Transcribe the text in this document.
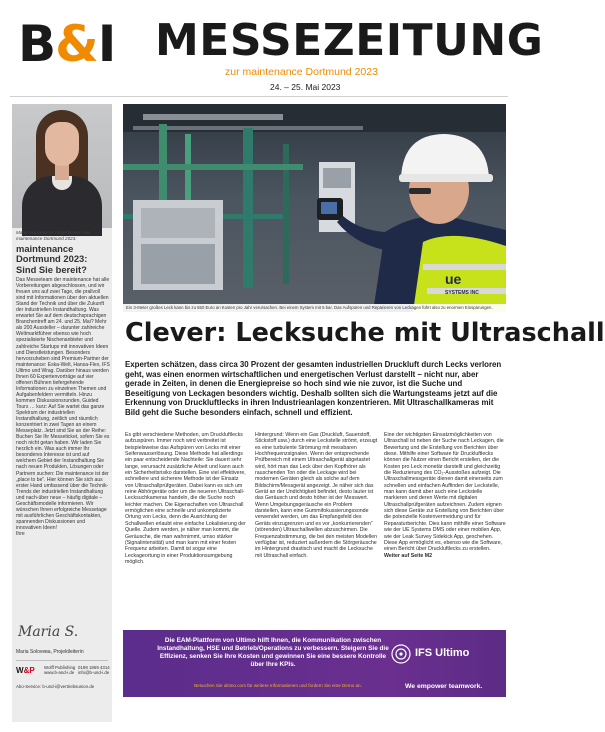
B&I MESSEZEITUNG
zur maintenance Dortmund 2023
24. – 25. Mai 2023
Maria Solovева ist Projektleiterin der maintenance Dortmund 2023.
maintenance Dortmund 2023: Sind Sie bereit?
Das Messeteam der maintenance hat alle Vorbereitungen abgeschlossen, und wir freuen uns auf zwei Tage, die prallvoll sind mit Informationen über den aktuellen Stand der Technik und über die Zukunft der industriellen Instandhaltung. Was erwartet Sie auf dem deutschsprachigen Branchentreff am 24. und 25. Mai? Mehr als 200 Aussteller – darunter zahlreiche Weltmarktführer ebenso wie hoch spezialisierte Nischenanbieter und zahlreiche Startups mit innovativen Ideen und Dienstleistungen. Besonders hervorzuheben sind Premium-Partner der maintenance: Eska-Welt, Hansa-Flex, IFS Ultimo und Wrag. Darüber hinaus werden Ihnen 60 Expertenvorträge auf vier offenen Bühnen tiefergehende Informationen zu einzelnen Themen und Aufgabenfeldern vermitteln. Hinzu kommen Diskussionsrunden, Guided Tours … kurz: Auf Sie wartet das ganze Spektrum der industriellen Instandhaltung, zeitlich und räumlich konzentriert in zwei Tagen an einem Messeplatz. Jetzt sind Sie an der Reihe: Buchen Sie Ihr Messeticket, sofern Sie es noch nicht getan haben. Wir laden Sie herzlich ein. Was auch immer Ihr besonderes Interesse ist und auf welchem Gebiet der Instandhaltung Sie nach neuen Produkten, Lösungen oder Partnern suchen: Die maintenance ist der „place to be“. Hier können Sie sich aus erster Hand umfassend über die Technik-Trends der industriellen Instandhaltung und nach-über neue – häufig digitale – Geschäftsmodelle informieren. Wir wünschen Ihnen erfolgreiche Messetage mit ausführlichen Geschäftskontakten, spannenden Diskussionen und innovativen Ideen!
Ihre
Maria S.
Maria Solovева, Projektleiterin
W&P Wolff Publishing
www.b-and-i.de
0198 1869 4314
info@b-und-i.de
Abo-Service: b-und-i@vertriebsunion.de
ue
SYSTEMS INC
Ein 3-Meter großes Leck kann bis zu 650 Euro an Kosten pro Jahr verursachen. Bei einem System mit 5 bar. Das Aufspüren und Reparieren von Leckagen führt also zu enormen Einsparungen.
Clever: Lecksuche mit Ultraschall

Experten schätzen, dass circa 30 Prozent der gesamten industriellen Druckluft durch Lecks verloren geht, was einen enormen wirtschaftlichen und energetischen Verlust darstellt – nicht nur, aber gerade in Zeiten, in denen die Energiepreise so hoch sind wie nie zuvor, ist die Suche und Beseitigung von Leckagen besonders wichtig. Deshalb sollten sich die Wartungsteams jetzt auf die Erkennung von Druckluftlecks in ihren Industrieanlagen konzentrieren. Mit Ultraschallkameras mit Bild geht die Suche besonders einfach, schnell und effizient.

Es gibt verschiedene Methoden, um Druckluftlecks aufzuspüren. Immer noch wird verbreitet ist beispielsweise das Aufspüren von Lecks mit einer Seifenwasserlösung. Diese Methode hat allerdings ein paar entscheidende Nachteile: Sie dauert sehr lange, verursacht zusätzliche Arbeit und kann auch ein Sicherheitsrisiko darstellen. Eine viel effektivere, schnellere und sicherere Methode ist der Einsatz von Ultraschallprüfgeräten. Dabei kann es sich um reine Abhörgeräte oder um die neueren Ultraschall-Lecksuchkameras handeln, die die Suche noch leichter machen. Die Eigenschaften von Ultraschall ermöglichen eine schnelle und unkomplizierte Ortung von Lecks, denn die Ausrichtung der Schallwellen erlaubt eine einfache Lokalisierung der Quelle. Zudem werden, je näher man kommt, die Geräusche, die man wahrnimmt, umso stärker (Signalintensität) und man kann mit einer festen Frequenz arbeiten. Damit ist sogar eine Leckageortung in einer Produktionsumgebung möglich.
Hintergrund: Wenn ein Gas (Druckluft, Sauerstoff, Stickstoff usw.) durch eine Leckstelle strömt, erzeugt es eine turbulente Strömung mit messbaren Hochfrequenzsignalen. Wenn der entsprechende Prüfbereich mit einem Ultraschallgerät abgetastet wird, hört man das Leck über den Kopfhörer als rauschenden Ton oder die Leckage wird bei modernen Geräten gleich als solche auf dem Bildschirm/Messgerät angezeigt. Je näher sich das Gerät an der Undichtigkeit befindet, desto lauter ist das Geräusch und desto höher ist der Messwert. Wenn Umgebungsgeräusche ein Problem darstellen, kann eine Gummifokussierungssonde verwendet werden, um das Empfangsfeld des Geräts einzugrenzen und es vor „konkurrierenden“ (störenden) Ultraschallwellen abzuschirmen. Die Frequenzabstimmung, die bei den meisten Modellen verfügbar ist, reduziert außerdem die Störgeräusche im Hintergrund drastisch und macht die Lecksuche mit Ultraschall einfach.
Eine der wichtigsten Einsatzmöglichkeiten von Ultraschall ist neben der Suche nach Leckagen, die Bewertung und die Erstellung von Berichten über diese. Mithilfe einer Software für Druckluftlecks können die Nutzer einen Bericht erstellen, der die Kosten pro Leck monetär darstellt und gleichzeitig die Reduzierung des CO₂-Ausstoßes aufzeigt. Die Ultraschallmessgeräte dienen damit einerseits zum schnellen und einfachen Auffinden der Leckstelle, man kann damit aber auch eine Leckstelle markieren und deren Werte mit digitalen Ultraschallprüfgeräten aufzeichnen. Zudem eignen sich diese Geräte zur Erstellung von Berichten über die potenzielle Kostenvermeidung und für Reparaturberichte. Dies kann mithilfe einer Software wie der UE Systems DMS oder einer mobilen App, wie der Leak Survey Sidekick App, geschehen. Diese App ermöglicht es, ebenso wie die Software, einen Bericht über Druckluftlecks zu erstellen. Weiter auf Seite M2
Die EAM-Plattform von Ultimo hilft Ihnen, die Kommunikation zwischen Instandhaltung, HSE und Betrieb/Operations zu verbessern. Steigern Sie die Effizienz, senken Sie Ihre Kosten und gewinnen Sie eine bessere Kontrolle über Ihre KPIs.
Besuchen Sie ultimo.com für weitere Informationen und fordern Sie eine Demo an.
IFS Ultimo
We empower teamwork.
